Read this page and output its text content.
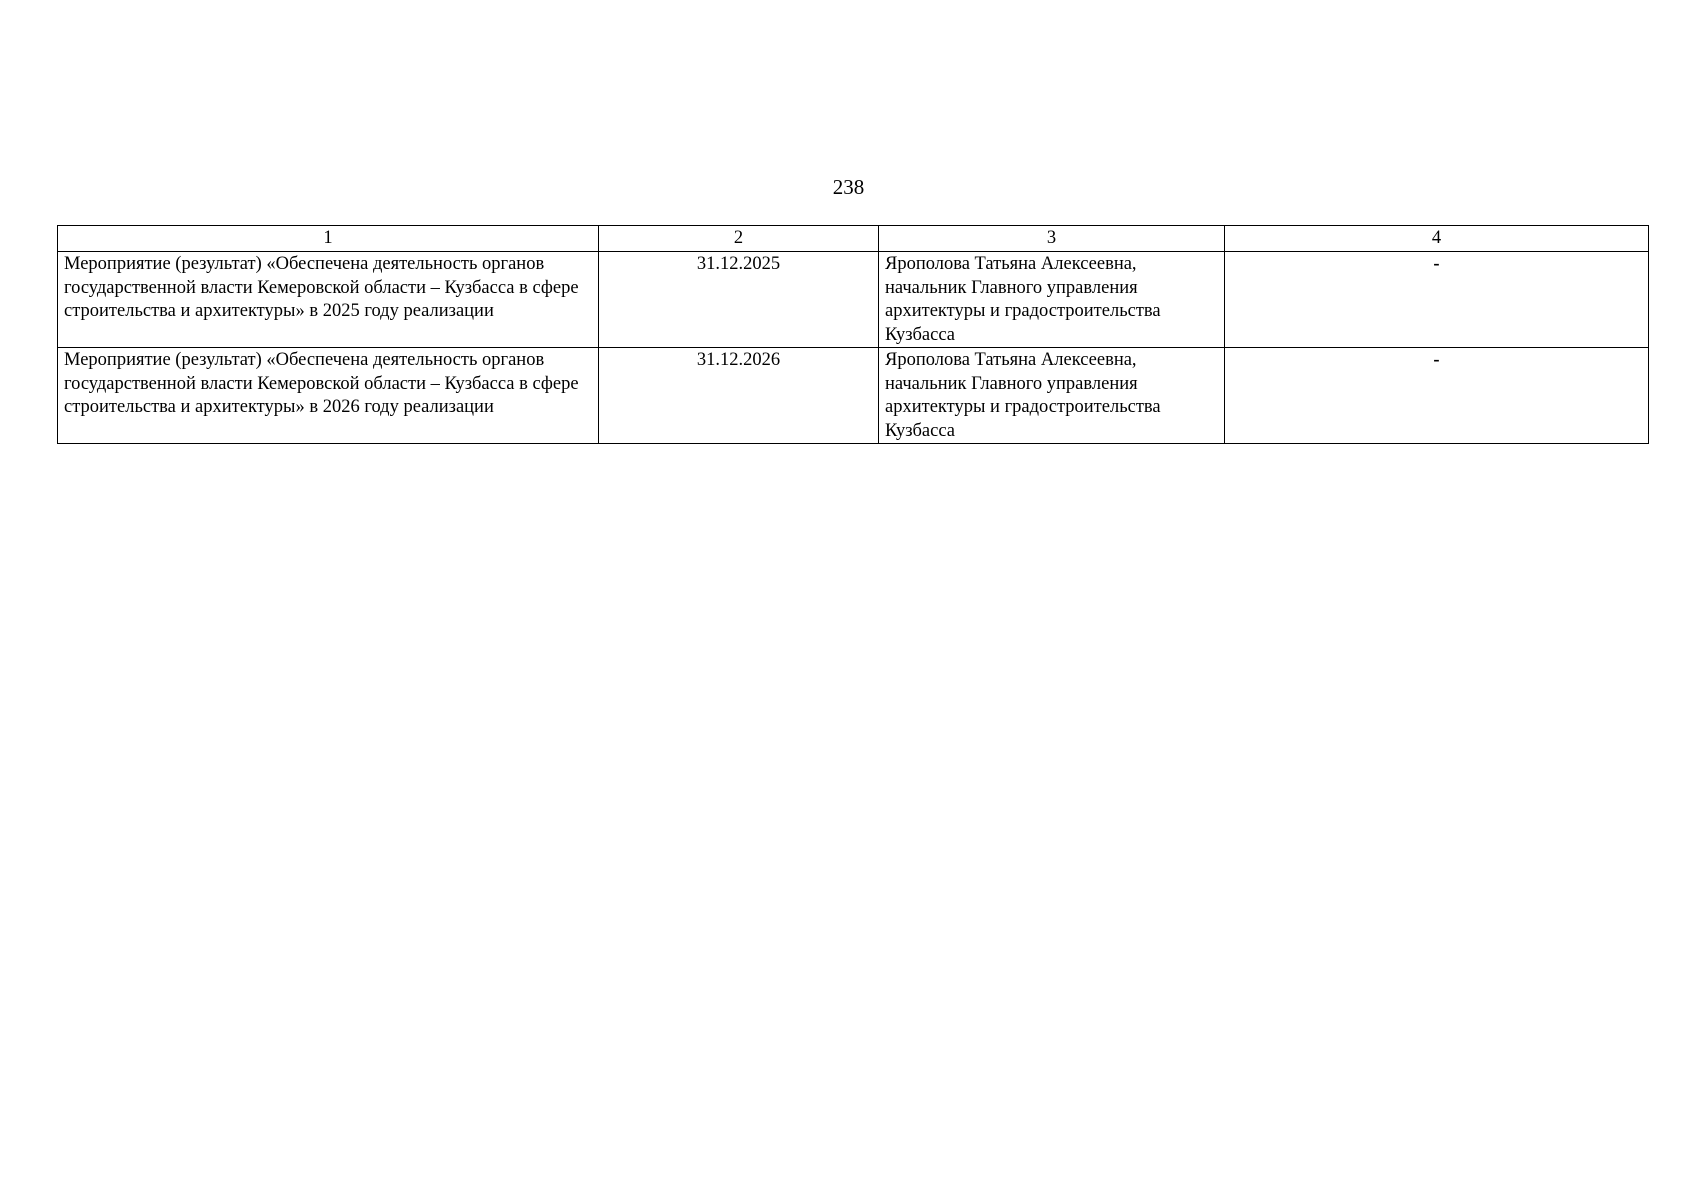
238
1	2	3	4
Мероприятие (результат) «Обеспечена деятельность органов государственной власти Кемеровской области – Кузбасса в сфере строительства и архитектуры» в 2025 году реализации	31.12.2025	Ярополова Татьяна Алексеевна, начальник Главного управления архитектуры и градостроительства Кузбасса	-
Мероприятие (результат) «Обеспечена деятельность органов государственной власти Кемеровской области – Кузбасса в сфере строительства и архитектуры» в 2026 году реализации	31.12.2026	Ярополова Татьяна Алексеевна, начальник Главного управления архитектуры и градостроительства Кузбасса	-
